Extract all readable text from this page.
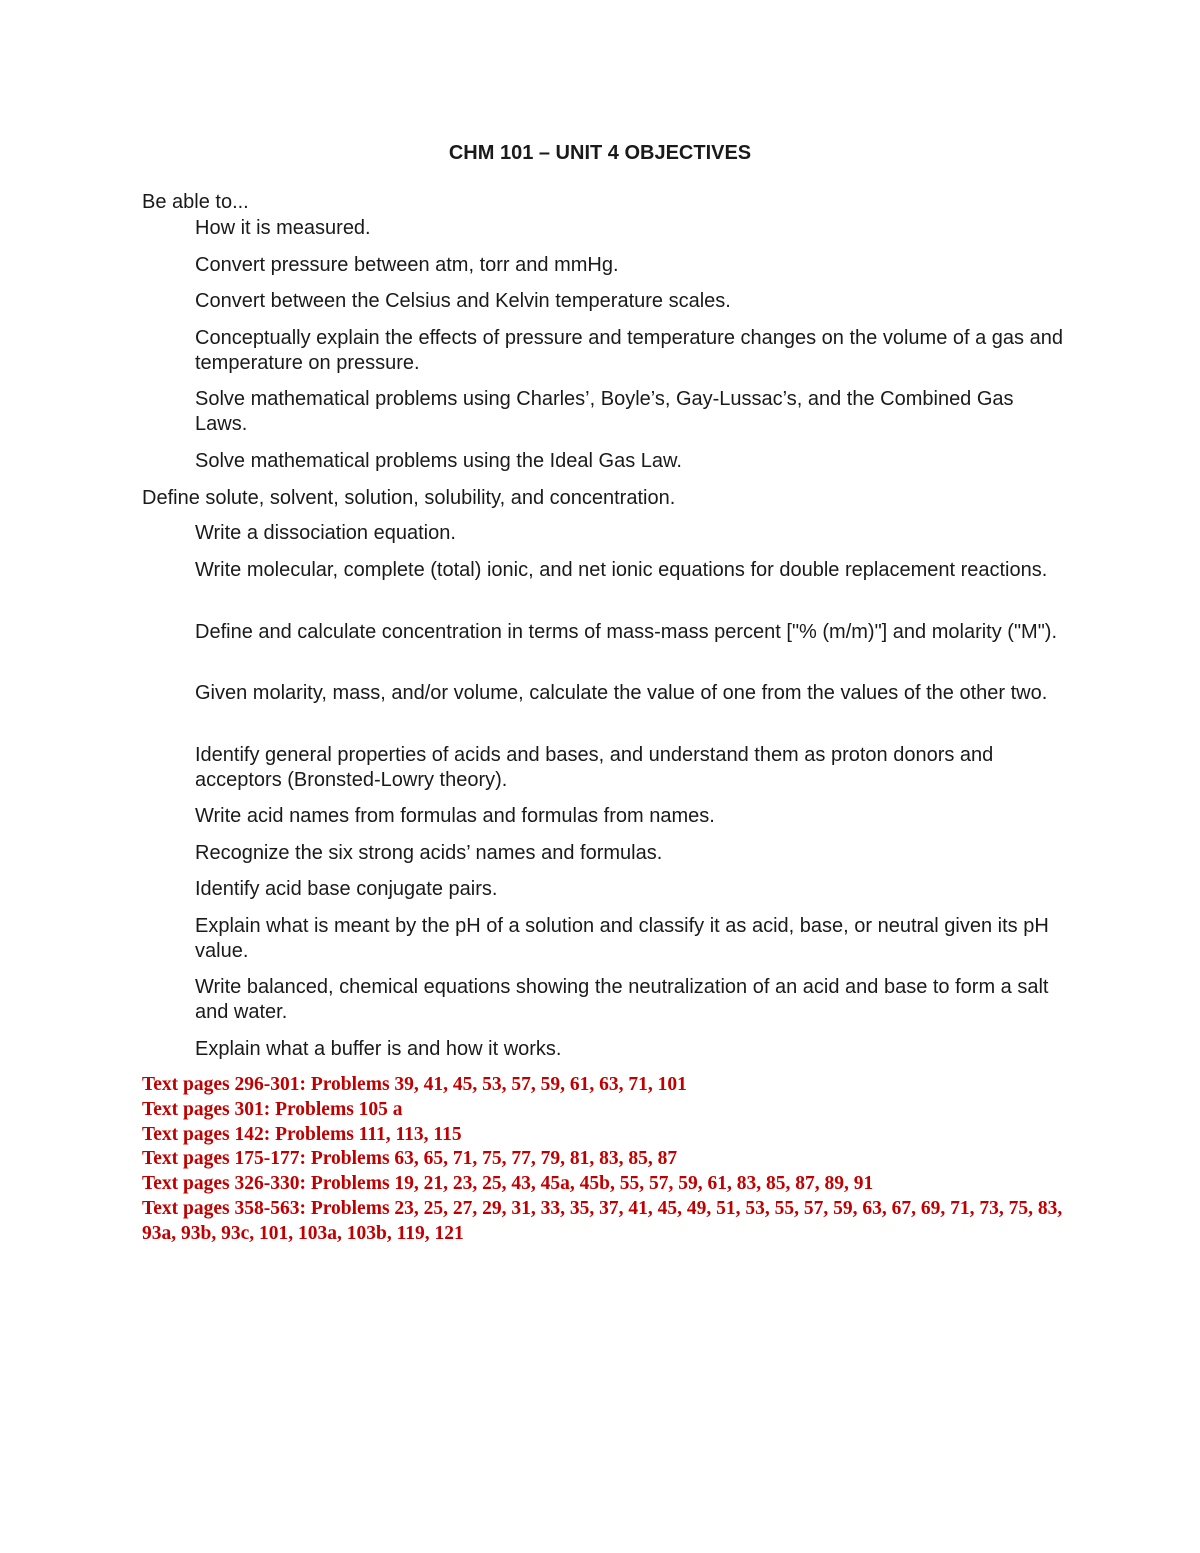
CHM 101 – UNIT 4 OBJECTIVES
Be able to...
How it is measured.
Convert pressure between atm, torr and mmHg.
Convert between the Celsius and Kelvin temperature scales.
Conceptually explain the effects of pressure and temperature changes on the volume of a gas and temperature on pressure.
Solve mathematical problems using Charles’, Boyle’s, Gay-Lussac’s, and the Combined Gas Laws.
Solve mathematical problems using the Ideal Gas Law.
Define solute, solvent, solution, solubility, and concentration.
Write a dissociation equation.
Write molecular, complete (total) ionic, and net ionic equations for double replacement reactions.
Define and calculate concentration in terms of mass-mass percent ["% (m/m)"] and molarity ("M").
Given molarity, mass, and/or volume, calculate the value of one from the values of the other two.
Identify general properties of acids and bases, and understand them as proton donors and acceptors (Bronsted-Lowry theory).
Write acid names from formulas and formulas from names.
Recognize the six strong acids’ names and formulas.
Identify acid base conjugate pairs.
Explain what is meant by the pH of a solution and classify it as acid, base, or neutral given its pH value.
Write balanced, chemical equations showing the neutralization of an acid and base to form a salt and water.
Explain what a buffer is and how it works.
Text pages 296-301: Problems 39, 41, 45, 53, 57, 59, 61, 63, 71, 101
Text pages 301: Problems 105 a
Text pages 142: Problems 111, 113, 115
Text pages 175-177: Problems 63, 65, 71, 75, 77, 79, 81, 83, 85, 87
Text pages 326-330: Problems 19, 21, 23, 25, 43, 45a, 45b, 55, 57, 59, 61, 83, 85, 87, 89, 91
Text pages 358-563: Problems 23, 25, 27, 29, 31, 33, 35, 37, 41, 45, 49, 51, 53, 55, 57, 59, 63, 67, 69, 71, 73, 75, 83, 93a, 93b, 93c, 101, 103a, 103b, 119, 121
